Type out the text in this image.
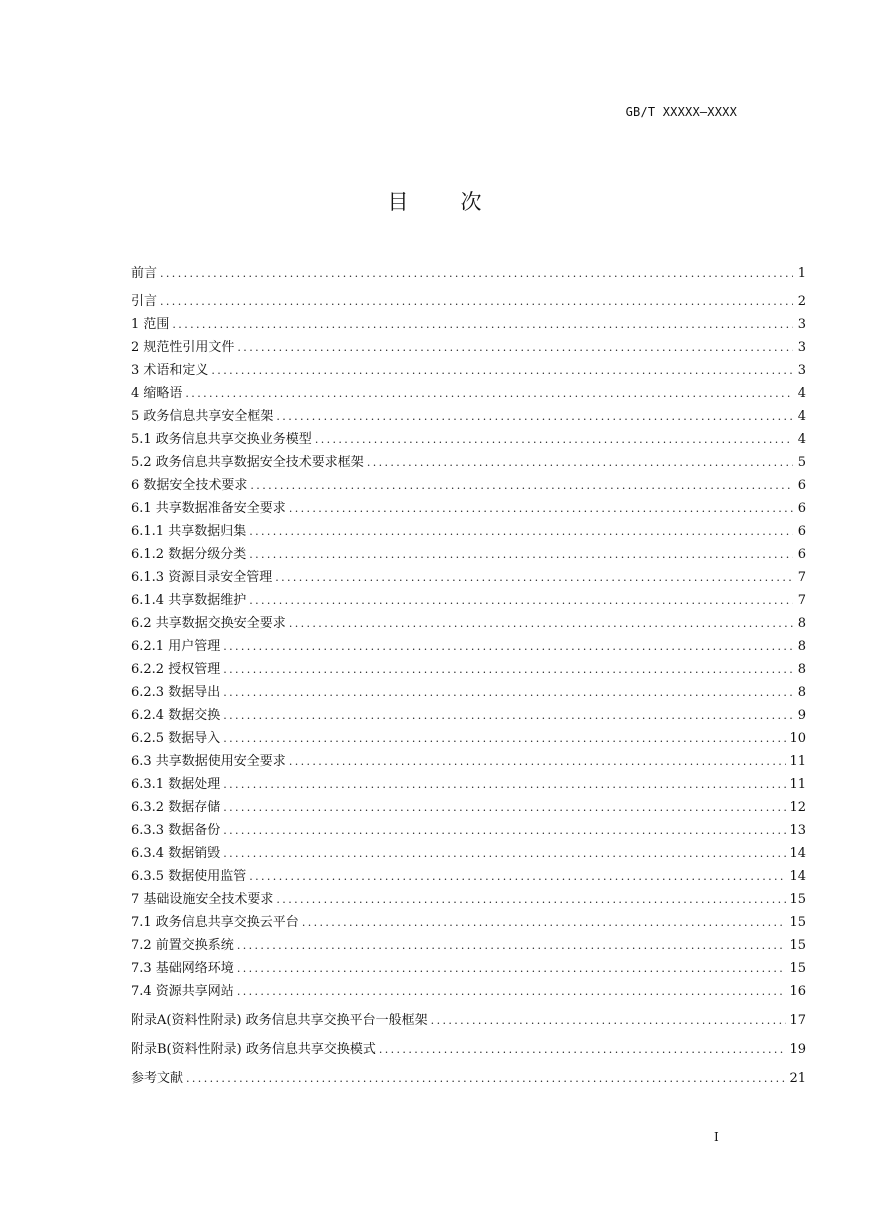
GB/T XXXXX—XXXX
目次
前言 .....	1
引言 .....	2
1 范围 .....	3
2 规范性引用文件 .....	3
3 术语和定义 .....	3
4 缩略语 .....	4
5 政务信息共享安全框架 .....	4
5.1 政务信息共享交换业务模型 .....	4
5.2 政务信息共享数据安全技术要求框架 .....	5
6 数据安全技术要求 .....	6
6.1 共享数据准备安全要求 .....	6
6.1.1 共享数据归集 .....	6
6.1.2 数据分级分类 .....	6
6.1.3 资源目录安全管理 .....	7
6.1.4 共享数据维护 .....	7
6.2 共享数据交换安全要求 .....	8
6.2.1 用户管理 .....	8
6.2.2 授权管理 .....	8
6.2.3 数据导出 .....	8
6.2.4 数据交换 .....	9
6.2.5 数据导入 .....	10
6.3 共享数据使用安全要求 .....	11
6.3.1 数据处理 .....	11
6.3.2 数据存储 .....	12
6.3.3 数据备份 .....	13
6.3.4 数据销毁 .....	14
6.3.5 数据使用监管 .....	14
7 基础设施安全技术要求 .....	15
7.1 政务信息共享交换云平台 .....	15
7.2 前置交换系统 .....	15
7.3 基础网络环境 .....	15
7.4 资源共享网站 .....	16
附录A(资料性附录) 政务信息共享交换平台一般框架 .....	17
附录B(资料性附录) 政务信息共享交换模式 .....	19
参考文献 .....	21
I
